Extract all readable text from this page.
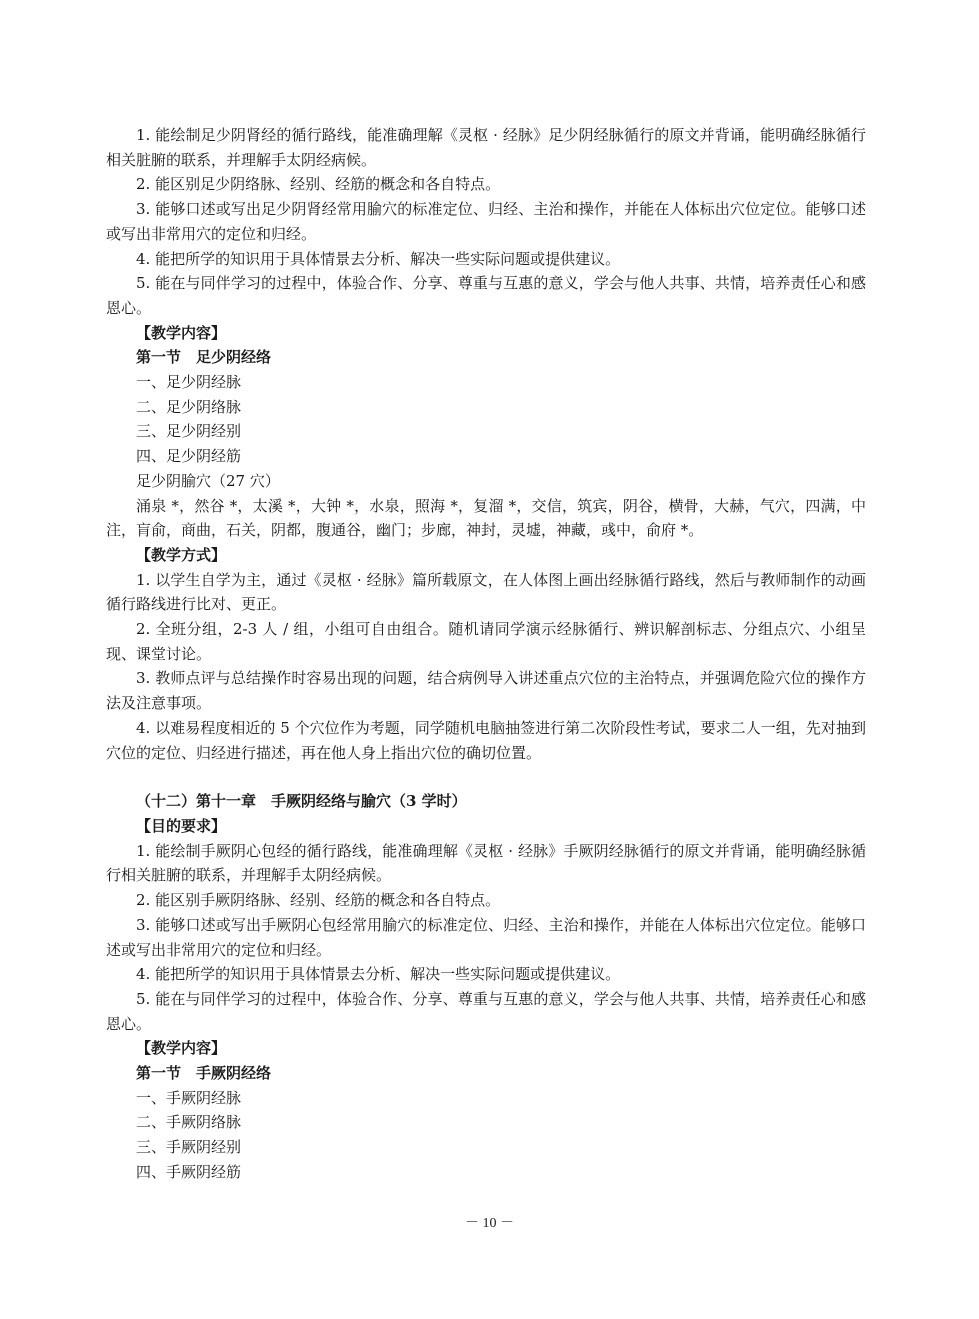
1. 能绘制足少阴肾经的循行路线，能准确理解《灵枢 · 经脉》足少阴经脉循行的原文并背诵，能明确经脉循行相关脏腑的联系，并理解手太阴经病候。

2. 能区别足少阴络脉、经别、经筋的概念和各自特点。

3. 能够口述或写出足少阴肾经常用腧穴的标准定位、归经、主治和操作，并能在人体标出穴位定位。能够口述或写出非常用穴的定位和归经。

4. 能把所学的知识用于具体情景去分析、解决一些实际问题或提供建议。

5. 能在与同伴学习的过程中，体验合作、分享、尊重与互惠的意义，学会与他人共事、共情，培养责任心和感恩心。

【教学内容】

第一节　足少阴经络

一、足少阴经脉

二、足少阴络脉

三、足少阴经别

四、足少阴经筋

足少阴腧穴（27 穴）

涌泉 *，然谷 *，太溪 *，大钟 *，水泉，照海 *，复溜 *，交信，筑宾，阴谷，横骨，大赫，气穴，四满，中注，肓俞，商曲，石关，阴都，腹通谷，幽门；步廊，神封，灵墟，神藏，彧中，俞府 *。

【教学方式】

1. 以学生自学为主，通过《灵枢 · 经脉》篇所载原文，在人体图上画出经脉循行路线，然后与教师制作的动画循行路线进行比对、更正。

2. 全班分组，2-3 人 / 组，小组可自由组合。随机请同学演示经脉循行、辨识解剖标志、分组点穴、小组呈现、课堂讨论。

3. 教师点评与总结操作时容易出现的问题，结合病例导入讲述重点穴位的主治特点，并强调危险穴位的操作方法及注意事项。

4. 以难易程度相近的 5 个穴位作为考题，同学随机电脑抽签进行第二次阶段性考试，要求二人一组，先对抽到穴位的定位、归经进行描述，再在他人身上指出穴位的确切位置。

（十二）第十一章　手厥阴经络与腧穴（3 学时）

【目的要求】

1. 能绘制手厥阴心包经的循行路线，能准确理解《灵枢 · 经脉》手厥阴经脉循行的原文并背诵，能明确经脉循行相关脏腑的联系，并理解手太阴经病候。

2. 能区别手厥阴络脉、经别、经筋的概念和各自特点。

3. 能够口述或写出手厥阴心包经常用腧穴的标准定位、归经、主治和操作，并能在人体标出穴位定位。能够口述或写出非常用穴的定位和归经。

4. 能把所学的知识用于具体情景去分析、解决一些实际问题或提供建议。

5. 能在与同伴学习的过程中，体验合作、分享、尊重与互惠的意义，学会与他人共事、共情，培养责任心和感恩心。

【教学内容】

第一节　手厥阴经络

一、手厥阴经脉

二、手厥阴络脉

三、手厥阴经别

四、手厥阴经筋

－ 10 －
